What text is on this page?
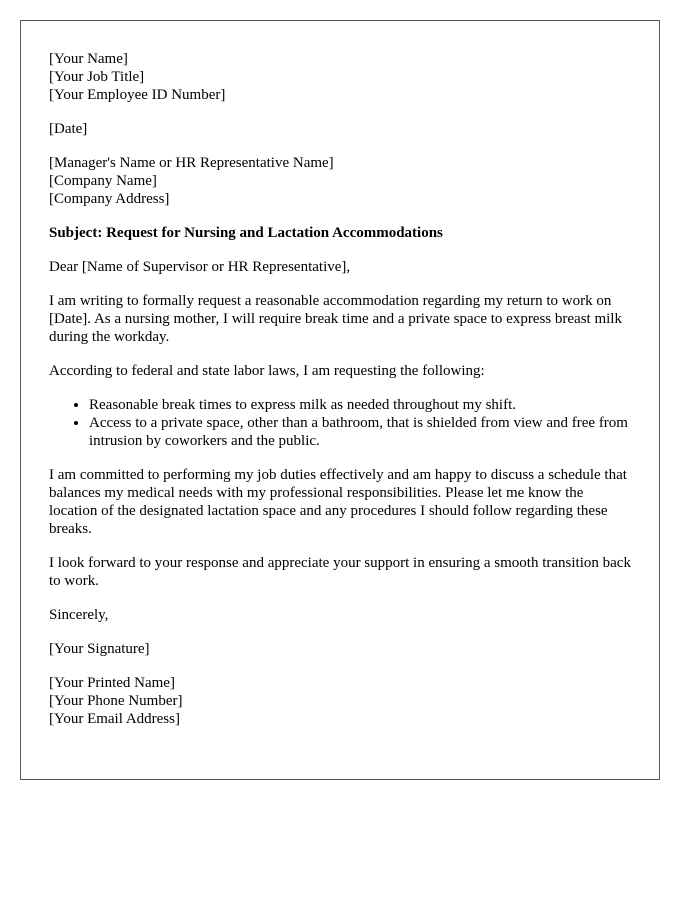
[Your Name]

[Your Job Title]

[Your Employee ID Number]

[Date]

[Manager's Name or HR Representative Name]

[Company Name]

[Company Address]

Subject: Request for Nursing and Lactation Accommodations

Dear [Name of Supervisor or HR Representative],

I am writing to formally request a reasonable accommodation regarding my return to work on [Date]. As a nursing mother, I will require break time and a private space to express breast milk during the workday.

According to federal and state labor laws, I am requesting the following:

• Reasonable break times to express milk as needed throughout my shift.
• Access to a private space, other than a bathroom, that is shielded from view and free from intrusion by coworkers and the public.

I am committed to performing my job duties effectively and am happy to discuss a schedule that balances my medical needs with my professional responsibilities. Please let me know the location of the designated lactation space and any procedures I should follow regarding these breaks.

I look forward to your response and appreciate your support in ensuring a smooth transition back to work.

Sincerely,

[Your Signature]

[Your Printed Name]

[Your Phone Number]

[Your Email Address]
